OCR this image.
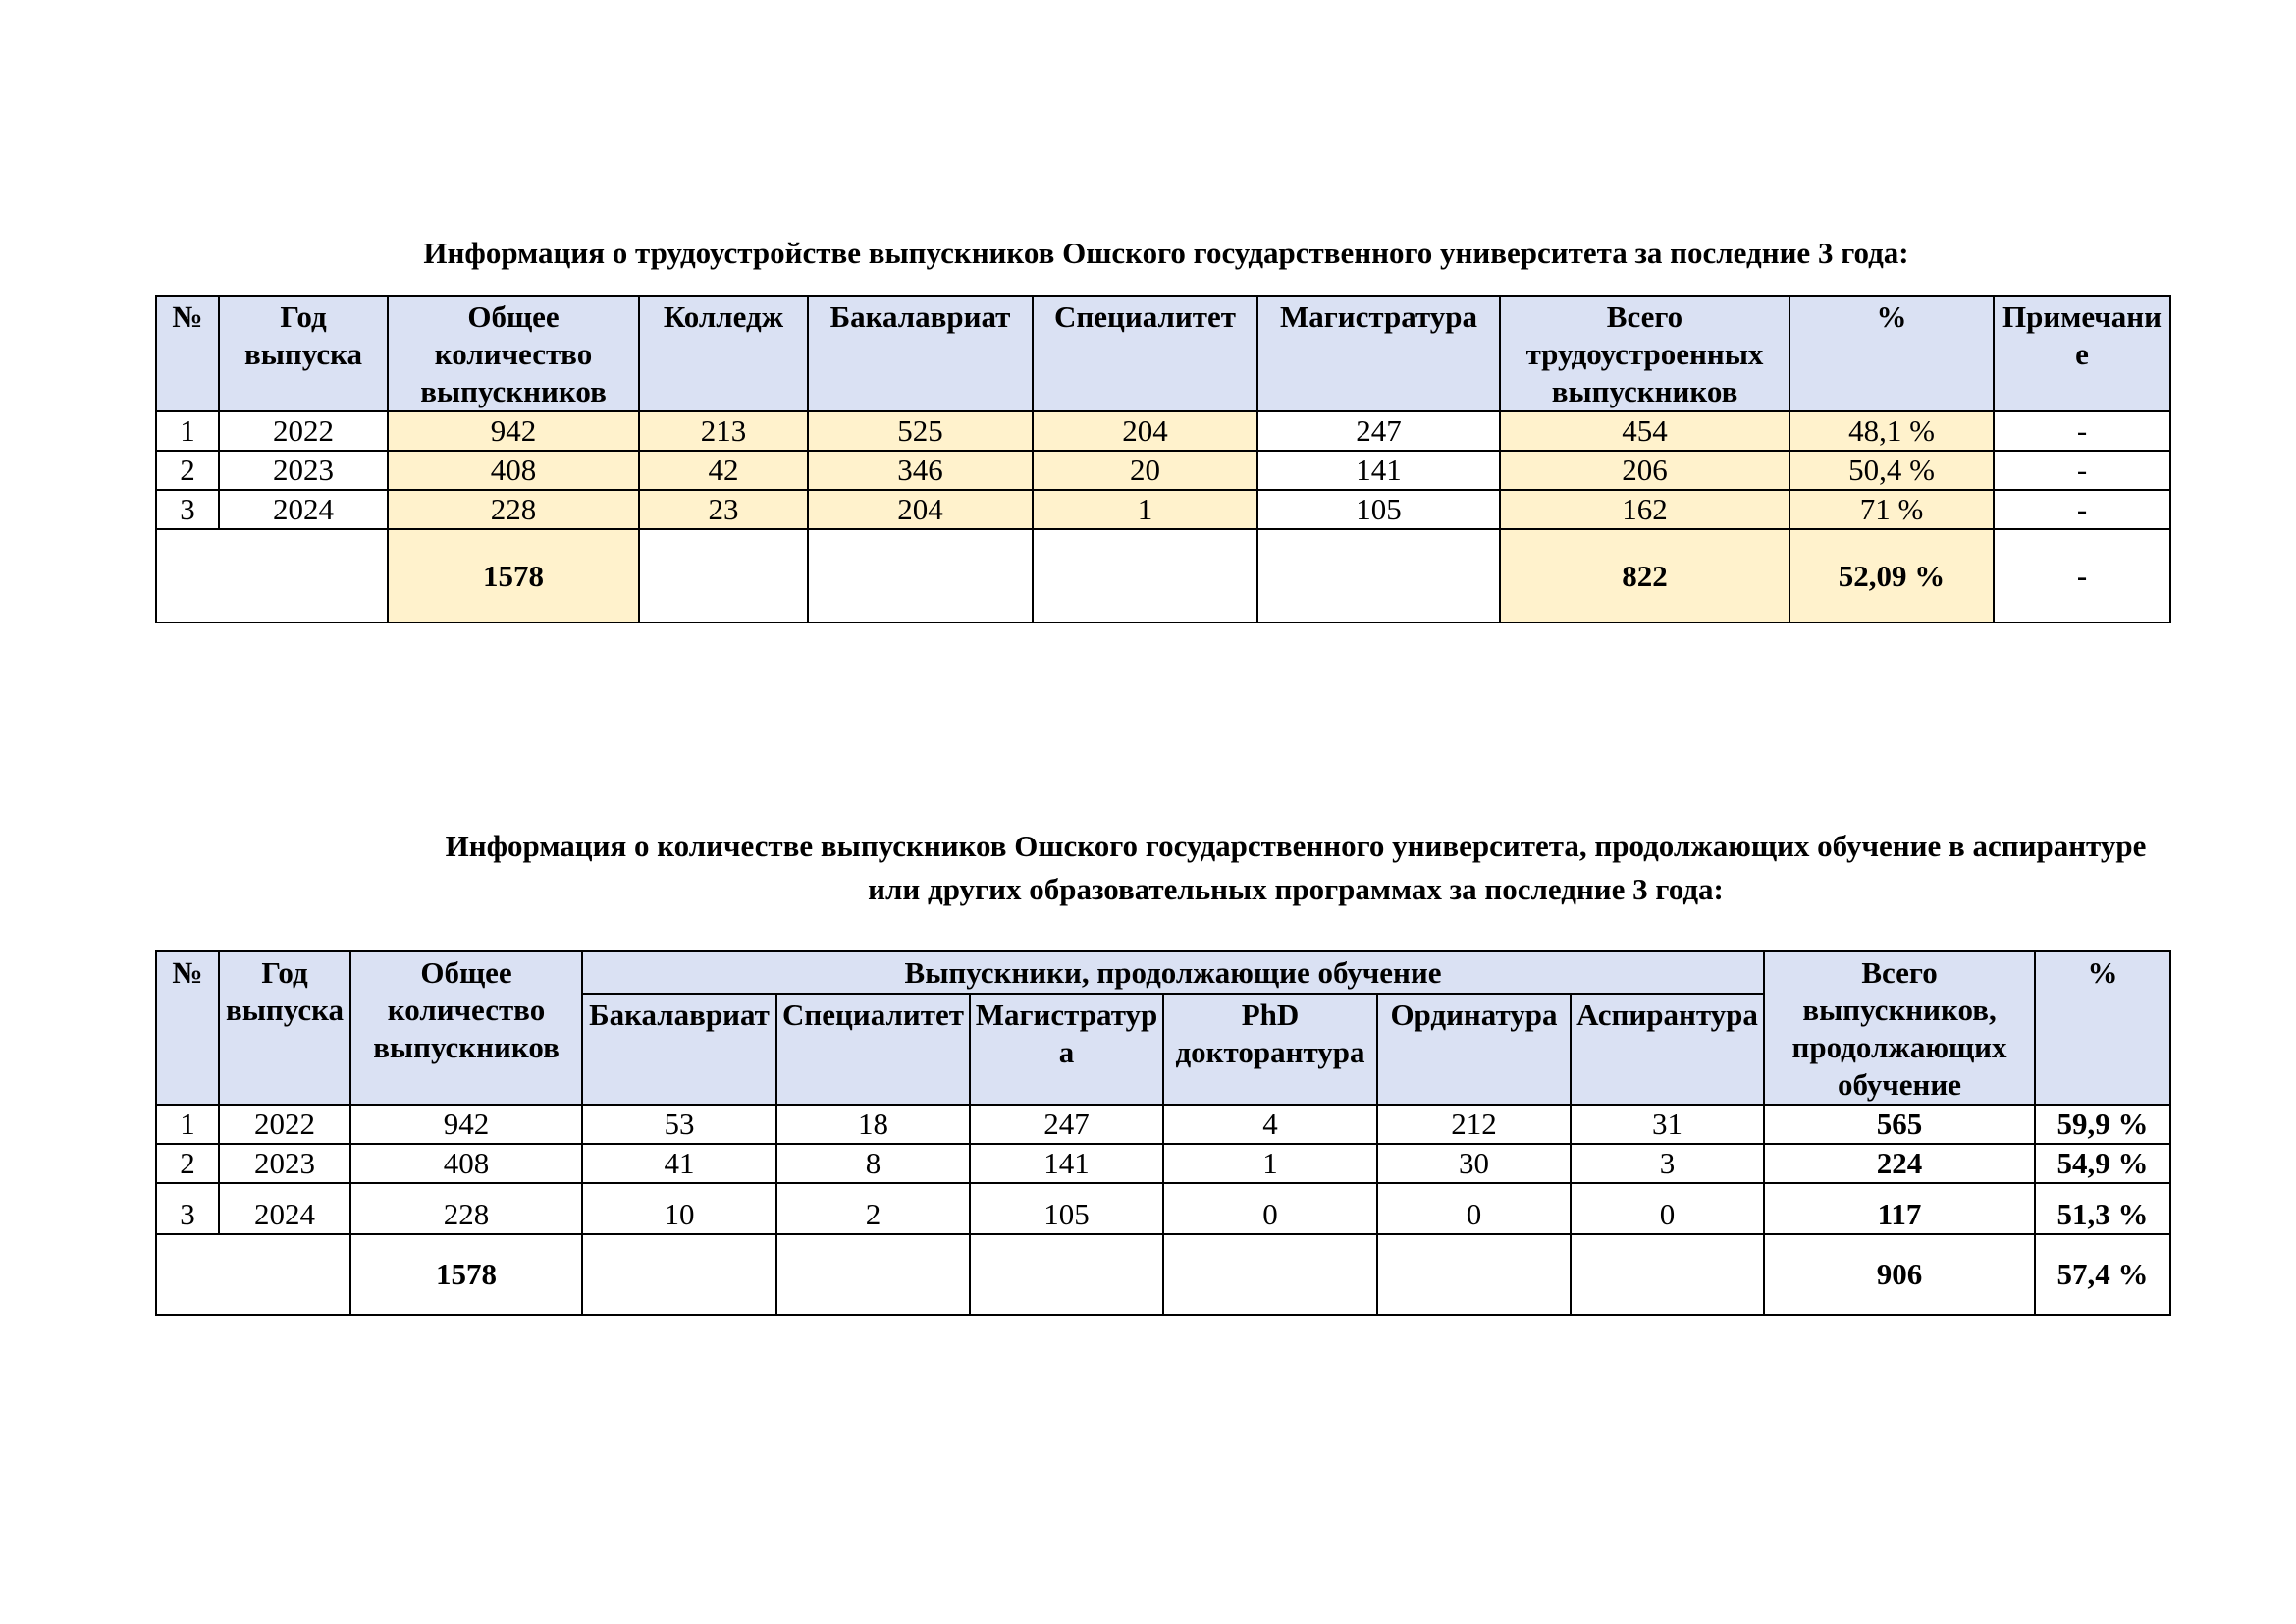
Информация о трудоустройстве выпускников Ошского государственного университета за последние 3 года:
№	Год выпуска	Общее количество выпускников	Колледж	Бакалавриат	Специалитет	Магистратура	Всего трудоустроенных выпускников	%	Примечание
1	2022	942	213	525	204	247	454	48,1 %	-
2	2023	408	42	346	20	141	206	50,4 %	-
3	2024	228	23	204	1	105	162	71 %	-
		1578					822	52,09 %	-
Информация о количестве выпускников Ошского государственного университета, продолжающих обучение в аспирантуре
или других образовательных программах за последние 3 года:
№	Год выпуска	Общее количество выпускников	Выпускники, продолжающие обучение						Всего выпускников, продолжающих обучение	%
			Бакалавриат	Специалитет	Магистратура	PhD докторантура	Ординатура	Аспирантура		
1	2022	942	53	18	247	4	212	31	565	59,9 %
2	2023	408	41	8	141	1	30	3	224	54,9 %
3	2024	228	10	2	105	0	0	0	117	51,3 %
		1578							906	57,4 %
